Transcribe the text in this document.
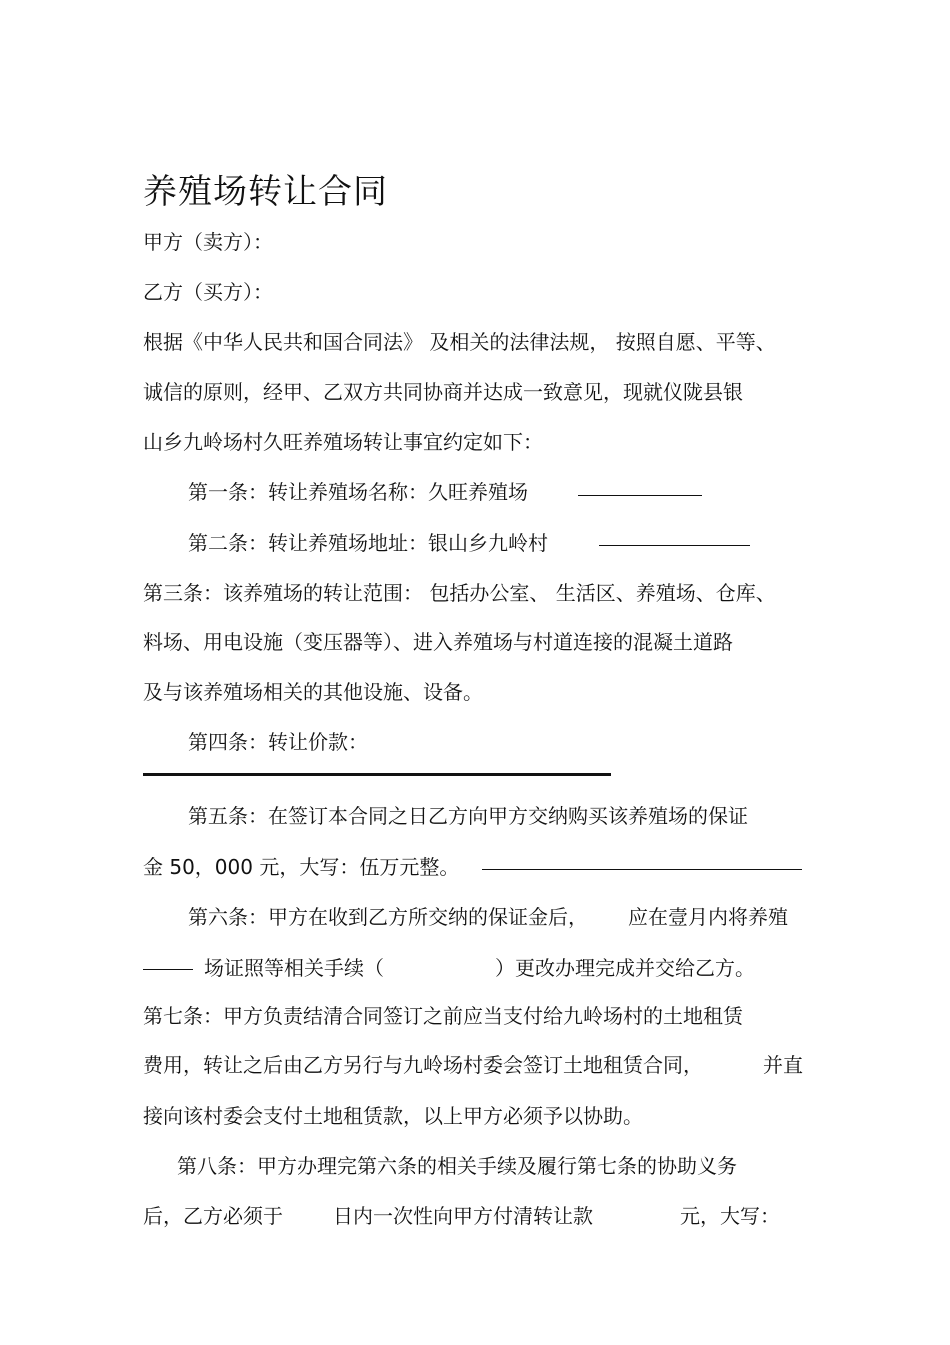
养殖场转让合同
甲方（卖方）：
乙方（买方）：
根据《中华人民共和国合同法》 及相关的法律法规， 按照自愿、平等、
诚信的原则，经甲、乙双方共同协商并达成一致意见，现就仪陇县银
山乡九岭场村久旺养殖场转让事宜约定如下：
第一条：转让养殖场名称：久旺养殖场
第二条：转让养殖场地址：银山乡九岭村
第三条：该养殖场的转让范围： 包括办公室、 生活区、养殖场、仓库、
料场、用电设施（变压器等）、进入养殖场与村道连接的混凝土道路
及与该养殖场相关的其他设施、设备。
第四条：转让价款：
第五条：在签订本合同之日乙方向甲方交纳购买该养殖场的保证
金 50，000 元，大写：伍万元整。
第六条：甲方在收到乙方所交纳的保证金后， 应在壹月内将养殖
场证照等相关手续（	）更改办理完成并交给乙方。
第七条：甲方负责结清合同签订之前应当支付给九岭场村的土地租赁
费用，转让之后由乙方另行与九岭场村委会签订土地租赁合同，	并直
接向该村委会支付土地租赁款，以上甲方必须予以协助。
第八条：甲方办理完第六条的相关手续及履行第七条的协助义务
后，乙方必须于	日内一次性向甲方付清转让款	元，大写：
